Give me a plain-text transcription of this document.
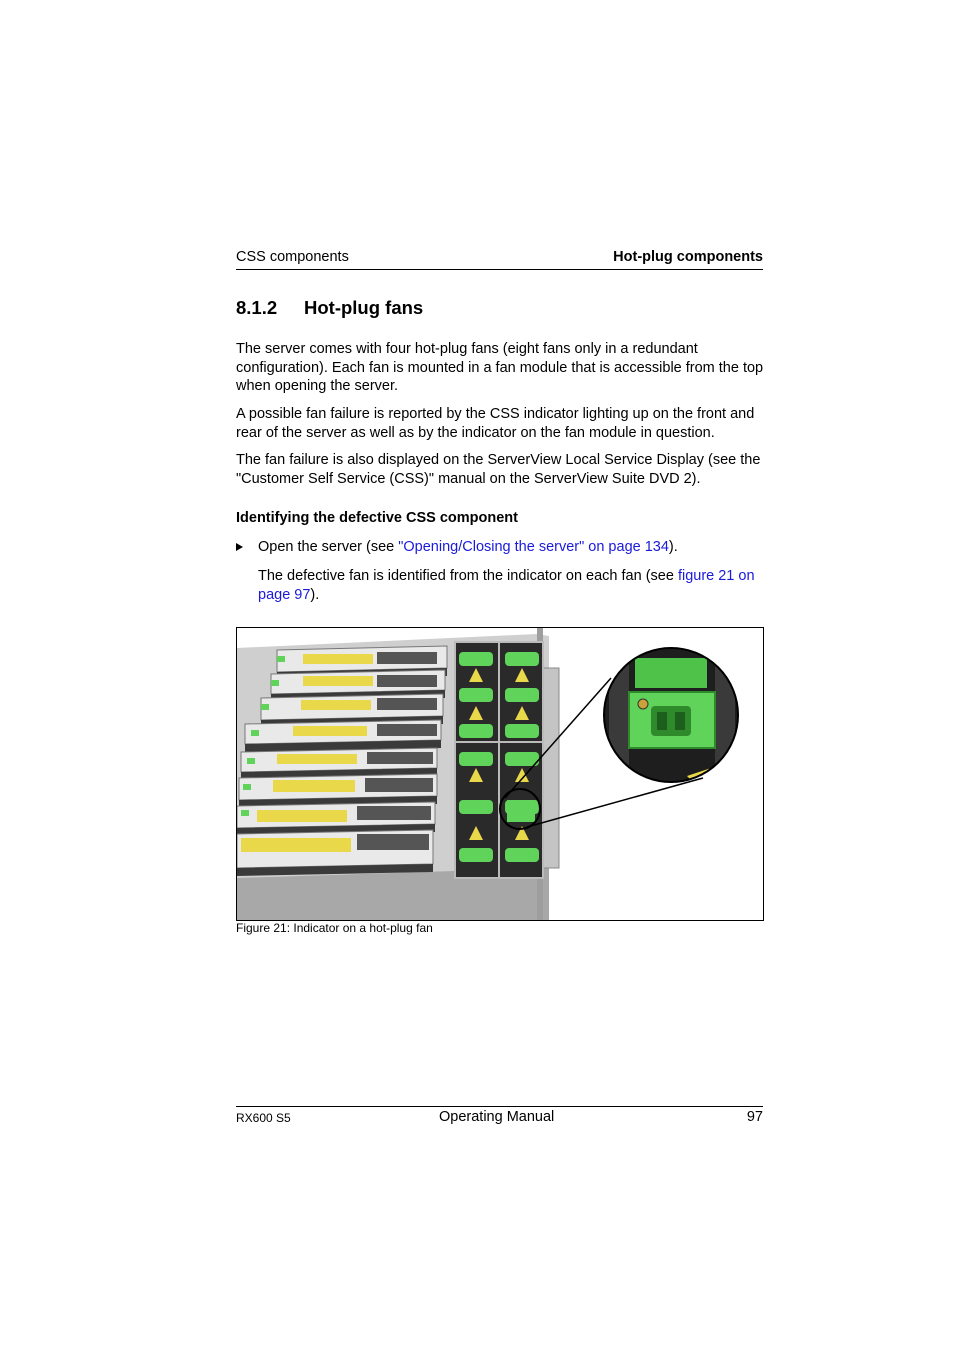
CSS components	Hot-plug components
8.1.2 Hot-plug fans
The server comes with four hot-plug fans (eight fans only in a redundant configuration). Each fan is mounted in a fan module that is accessible from the top when opening the server.
A possible fan failure is reported by the CSS indicator lighting up on the front and rear of the server as well as by the indicator on the fan module in question.
The fan failure is also displayed on the ServerView Local Service Display (see the "Customer Self Service (CSS)" manual on the ServerView Suite DVD 2).
Identifying the defective CSS component
Open the server (see "Opening/Closing the server" on page 134).
The defective fan is identified from the indicator on each fan (see figure 21 on page 97).
Figure 21: Indicator on a hot-plug fan
RX600 S5	Operating Manual	97
